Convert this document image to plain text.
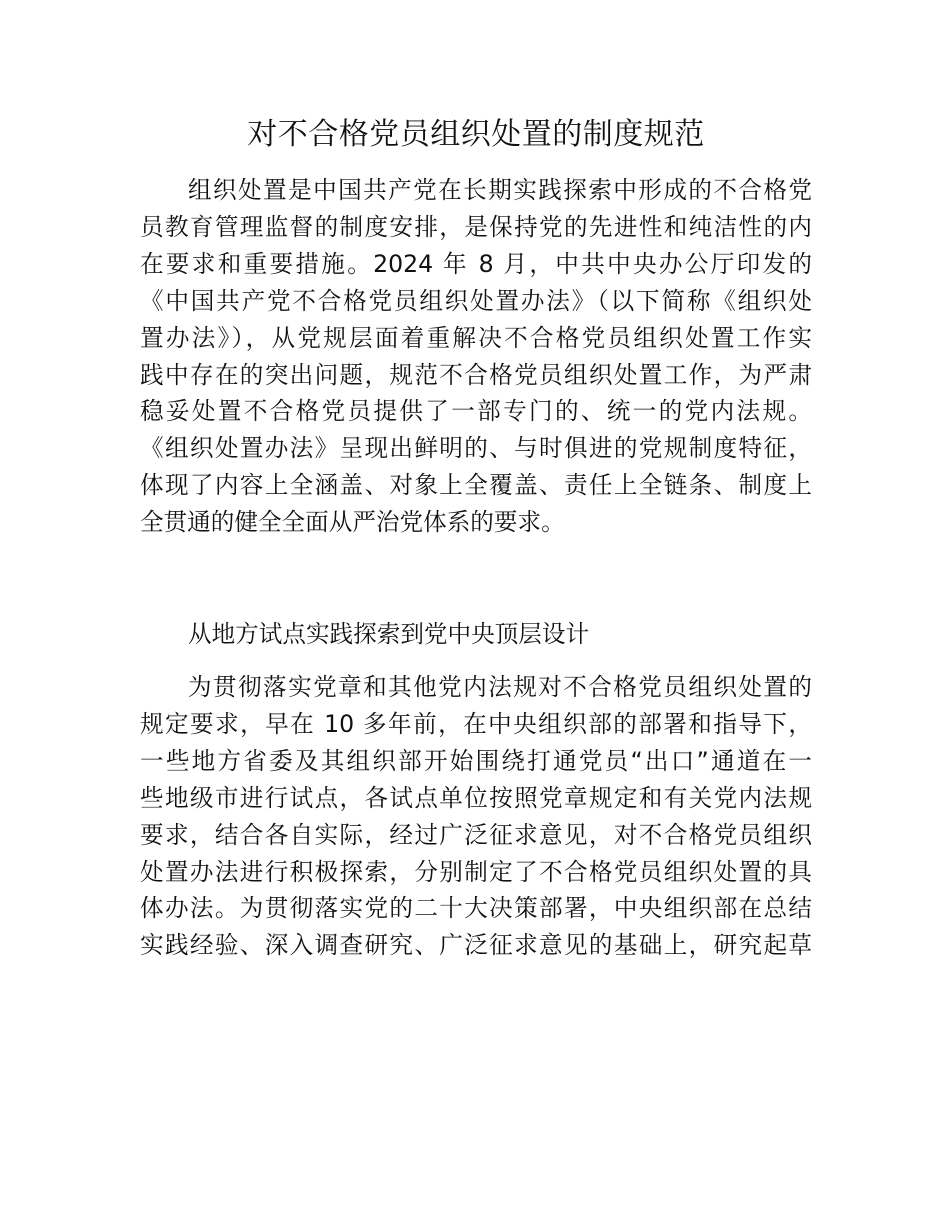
对不合格党员组织处置的制度规范
组织处置是中国共产党在长期实践探索中形成的不合格党
员教育管理监督的制度安排，是保持党的先进性和纯洁性的内
在要求和重要措施。2024 年 8 月，中共中央办公厅印发的
《中国共产党不合格党员组织处置办法》（以下简称《组织处
置办法》），从党规层面着重解决不合格党员组织处置工作实
践中存在的突出问题，规范不合格党员组织处置工作，为严肃
稳妥处置不合格党员提供了一部专门的、统一的党内法规。
《组织处置办法》呈现出鲜明的、与时俱进的党规制度特征，
体现了内容上全涵盖、对象上全覆盖、责任上全链条、制度上
全贯通的健全全面从严治党体系的要求。
从地方试点实践探索到党中央顶层设计
为贯彻落实党章和其他党内法规对不合格党员组织处置的
规定要求，早在 10 多年前，在中央组织部的部署和指导下，
一些地方省委及其组织部开始围绕打通党员“出口”通道在一
些地级市进行试点，各试点单位按照党章规定和有关党内法规
要求，结合各自实际，经过广泛征求意见，对不合格党员组织
处置办法进行积极探索，分别制定了不合格党员组织处置的具
体办法。为贯彻落实党的二十大决策部署，中央组织部在总结
实践经验、深入调查研究、广泛征求意见的基础上，研究起草
